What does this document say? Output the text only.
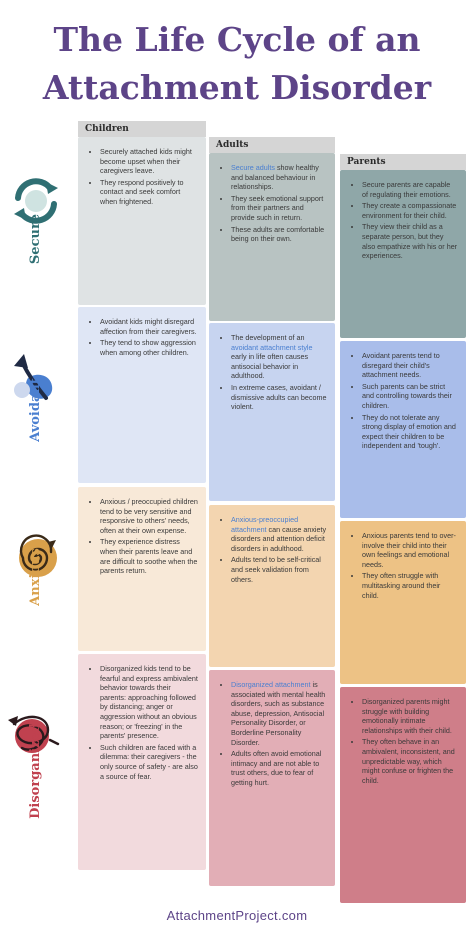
The Life Cycle of an
Attachment Disorder
Children
Adults
Parents
Secure
• Securely attached kids might become upset when their caregivers leave.
• They respond positively to contact and seek comfort when frightened.
• Secure adults show healthy and balanced behaviour in relationships.
• They seek emotional support from their partners and provide such in return.
• These adults are comfortable being on their own.
• Secure parents are capable of regulating their emotions.
• They create a compassionate environment for their child.
• They view their child as a separate person, but they also empathize with his or her experiences.
Avoidant
• Avoidant kids might disregard affection from their caregivers.
• They tend to show aggression when among other children.
• The development of an avoidant attachment style early in life often causes antisocial behavior in adulthood.
• In extreme cases, avoidant / dismissive adults can become violent.
• Avoidant parents tend to disregard their child's attachment needs.
• Such parents can be strict and controlling towards their children.
• They do not tolerate any strong display of emotion and expect their children to be independent and 'tough'.
Anxious
• Anxious / preoccupied children tend to be very sensitive and responsive to others' needs, often at their own expense.
• They experience distress when their parents leave and are difficult to soothe when the parents return.
• Anxious-preoccupied attachment can cause anxiety disorders and attention deficit disorders in adulthood.
• Adults tend to be self-critical and seek validation from others.
• Anxious parents tend to over-involve their child into their own feelings and emotional needs.
• They often struggle with multitasking around their child.
Disorganized
• Disorganized kids tend to be fearful and express ambivalent behavior towards their parents: approaching followed by distancing; anger or aggression without an obvious reason; or 'freezing' in the parents' presence.
• Such children are faced with a dilemma: their caregivers - the only source of safety - are also a source of fear.
• Disorganized attachment is associated with mental health disorders, such as substance abuse, depression, Antisocial Personality Disorder, or Borderline Personality Disorder.
• Adults often avoid emotional intimacy and are not able to trust others, due to fear of getting hurt.
• Disorganized parents might struggle with building emotionally intimate relationships with their child.
• They often behave in an ambivalent, inconsistent, and unpredictable way, which might confuse or frighten the child.
AttachmentProject.com
